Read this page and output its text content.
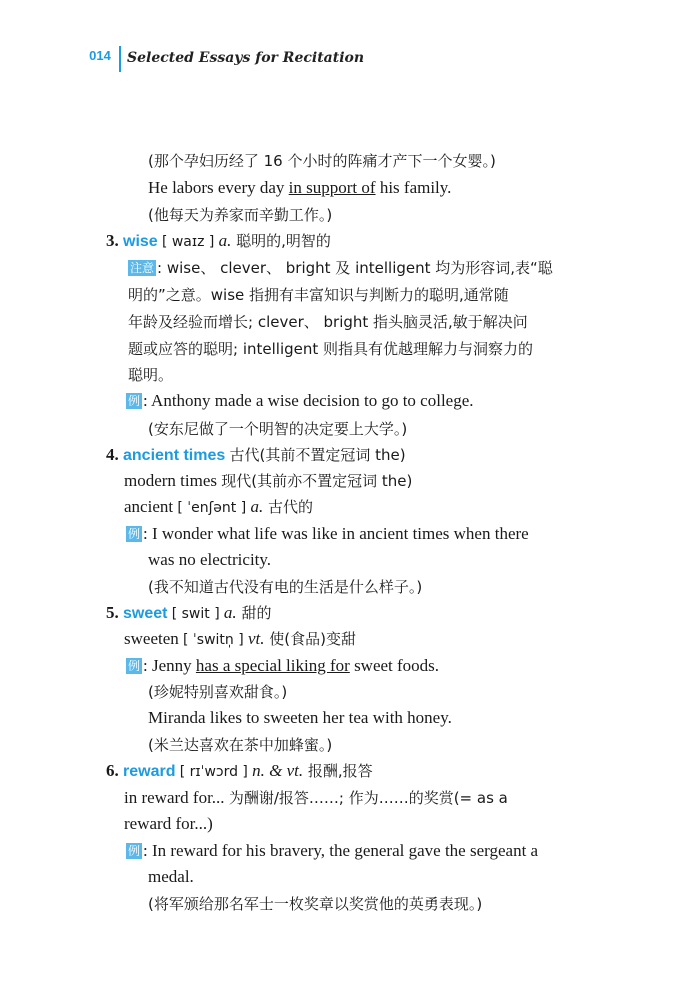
014 Selected Essays for Recitation
(那个孕妇历经了 16 个小时的阵痛才产下一个女婴。)
He labors every day in support of his family.
(他每天为养家而辛勤工作。)
3. wise [ waɪz ] a. 聪明的,明智的
注意 : wise、 clever、 bright 及 intelligent 均为形容词,表“聪
明的”之意。wise 指拥有丰富知识与判断力的聪明,通常随
年龄及经验而增长; clever、 bright 指头脑灵活,敏于解决问
题或应答的聪明; intelligent 则指具有优越理解力与洞察力的
聪明。
例 : Anthony made a wise decision to go to college.
(安东尼做了一个明智的决定要上大学。)
4. ancient times 古代(其前不置定冠词 the)
modern times 现代(其前亦不置定冠词 the)
ancient [ ˈenʃənt ] a. 古代的
例 : I wonder what life was like in ancient times when there
was no electricity.
(我不知道古代没有电的生活是什么样子。)
5. sweet [ swit ] a. 甜的
sweeten [ ˈswitn̩ ] vt. 使(食品)变甜
例 : Jenny has a special liking for sweet foods.
(珍妮特别喜欢甜食。)
Miranda likes to sweeten her tea with honey.
(米兰达喜欢在茶中加蜂蜜。)
6. reward [ rɪˈwɔrd ] n. & vt. 报酬,报答
in reward for... 为酬谢/报答……; 作为……的奖赏(= as a
reward for...)
例 : In reward for his bravery, the general gave the sergeant a
medal.
(将军颁给那名军士一枚奖章以奖赏他的英勇表现。)
